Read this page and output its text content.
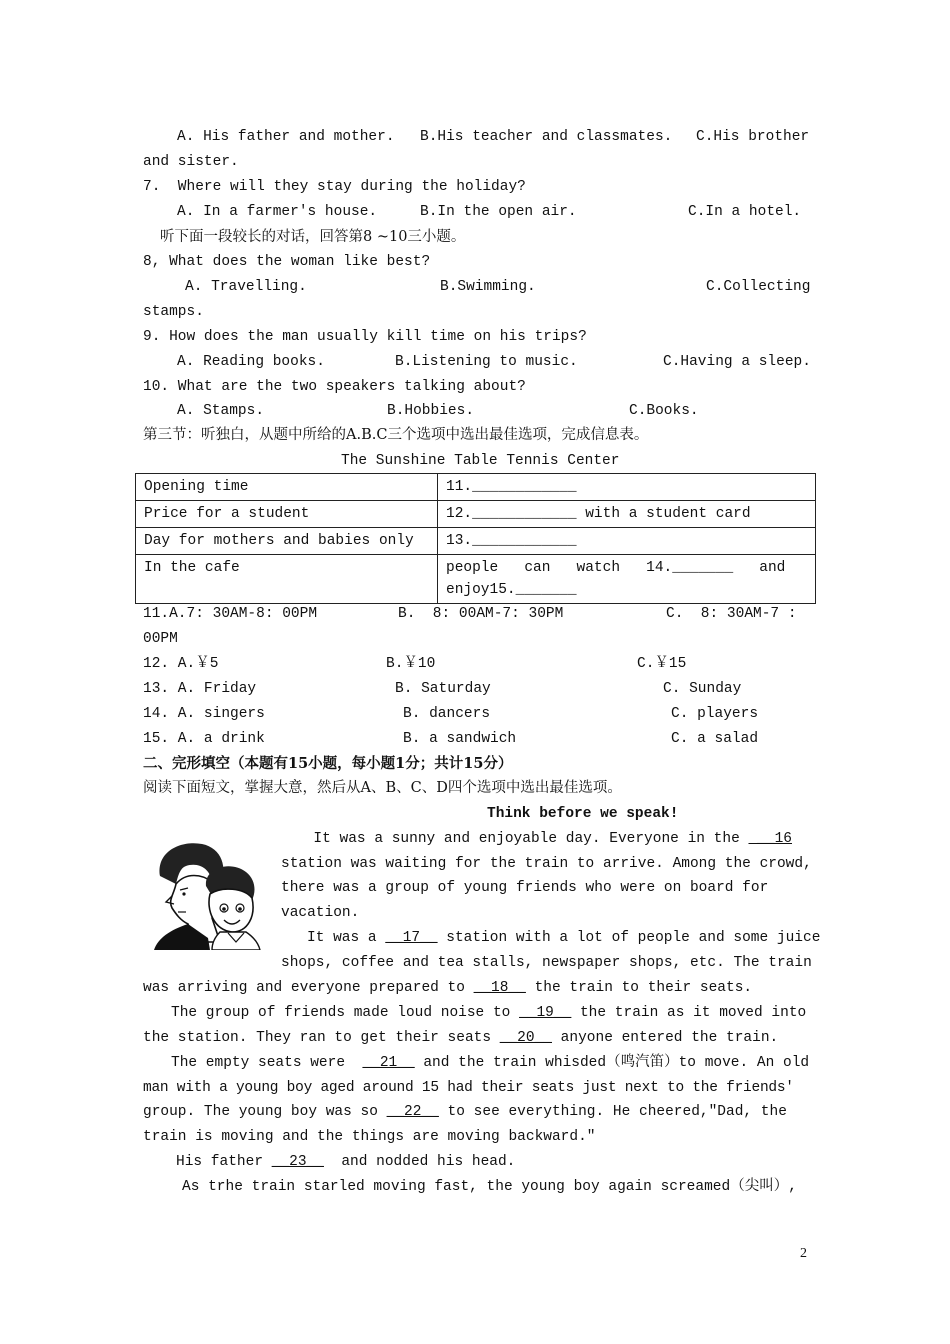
A. His father and mother. B.His teacher and classmates. C.His brother
and sister.
7.  Where will they stay during the holiday?
A. In a farmer's house.	B.In the open air.	C.In a hotel.
听下面一段较长的对话，回答第8 ~10三小题。
8, What does the woman like best?
A. Travelling.	B.Swimming.	C.Collecting
stamps.
9. How does the man usually kill time on his trips?
A. Reading books.	B.Listening to music.	C.Having a sleep.
10. What are the two speakers talking about?
A. Stamps.	B.Hobbies.	C.Books.
第三节：听独白，从题中所给的A.B.C三个选项中选出最佳选项，完成信息表。
The Sunshine Table Tennis Center
Opening time	11.____________
Price for a student	12.____________ with a student card
Day for mothers and babies only	13.____________
In the cafe	people   can   watch   14._______   and
enjoy15._______
11.A.7: 30AM-8: 00PM	B.  8: 00AM-7: 30PM	C.  8: 30AM-7 :
00PM
12. A.￥5	B.￥10	C.￥15
13. A. Friday	B. Saturday	C. Sunday
14. A. singers	B. dancers	C. players
15. A. a drink	B. a sandwich	C. a salad
二、完形填空（本题有15小题，每小题1分；共计15分）
阅读下面短文，掌握大意，然后从A、B、C、D四个选项中选出最佳选项。
Think before we speak!
It was a sunny and enjoyable day. Everyone in the  __16
station was waiting for the train to arrive. Among the crowd,
there was a group of young friends who were on board for
vacation.
It was a __17__ station with a lot of people and some juice
shops, coffee and tea stalls, newspaper shops, etc. The train
was arriving and everyone prepared to __18__ the train to their seats.
The group of friends made loud noise to __19__ the train as it moved into
the station. They ran to get their seats __20__ anyone entered the train.
The empty seats were  __21__ and the train whisded（鸣汽笛）to move. An old
man with a young boy aged around 15 had their seats just next to the friends'
group. The young boy was so __22__ to see everything. He cheered,"Dad, the
train is moving and the things are moving backward."
His father __23__  and nodded his head.
As trhe train starled moving fast, the young boy again screamed（尖叫）,
2
